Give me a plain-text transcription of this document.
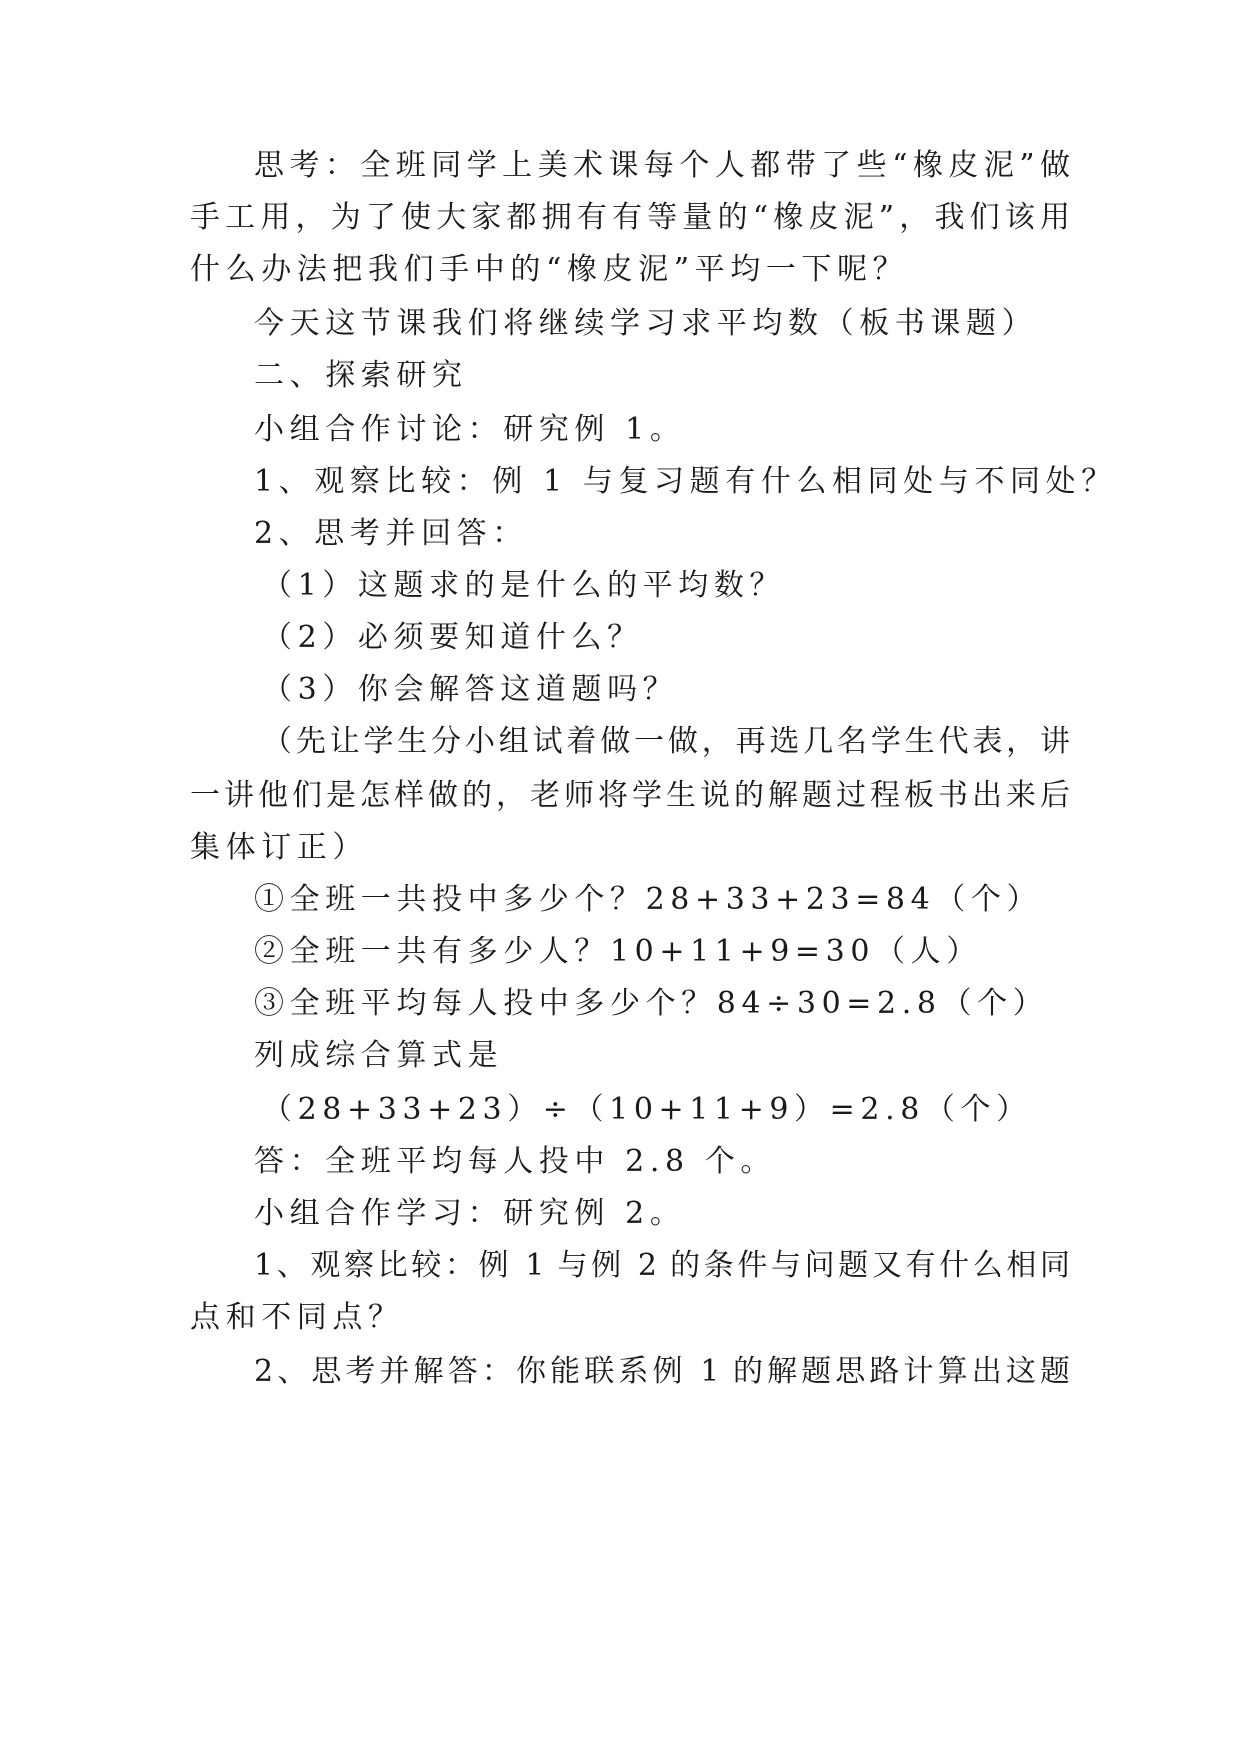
思考：全班同学上美术课每个人都带了些“橡皮泥”做
手工用，为了使大家都拥有有等量的“橡皮泥”，我们该用
什么办法把我们手中的“橡皮泥”平均一下呢？
今天这节课我们将继续学习求平均数（板书课题）
二、探索研究
小组合作讨论：研究例 1。
1、观察比较：例 1 与复习题有什么相同处与不同处？
2、思考并回答：
（1）这题求的是什么的平均数？
（2）必须要知道什么？
（3）你会解答这道题吗？
（先让学生分小组试着做一做，再选几名学生代表，讲
一讲他们是怎样做的，老师将学生说的解题过程板书出来后
集体订正）
①全班一共投中多少个？28+33+23=84（个）
②全班一共有多少人？10+11+9=30（人）
③全班平均每人投中多少个？84÷30=2.8（个）
列成综合算式是
（28+33+23）÷（10+11+9）=2.8（个）
答：全班平均每人投中 2.8 个。
小组合作学习：研究例 2。
1、观察比较：例 1 与例 2 的条件与问题又有什么相同
点和不同点？
2、思考并解答：你能联系例 1 的解题思路计算出这题
